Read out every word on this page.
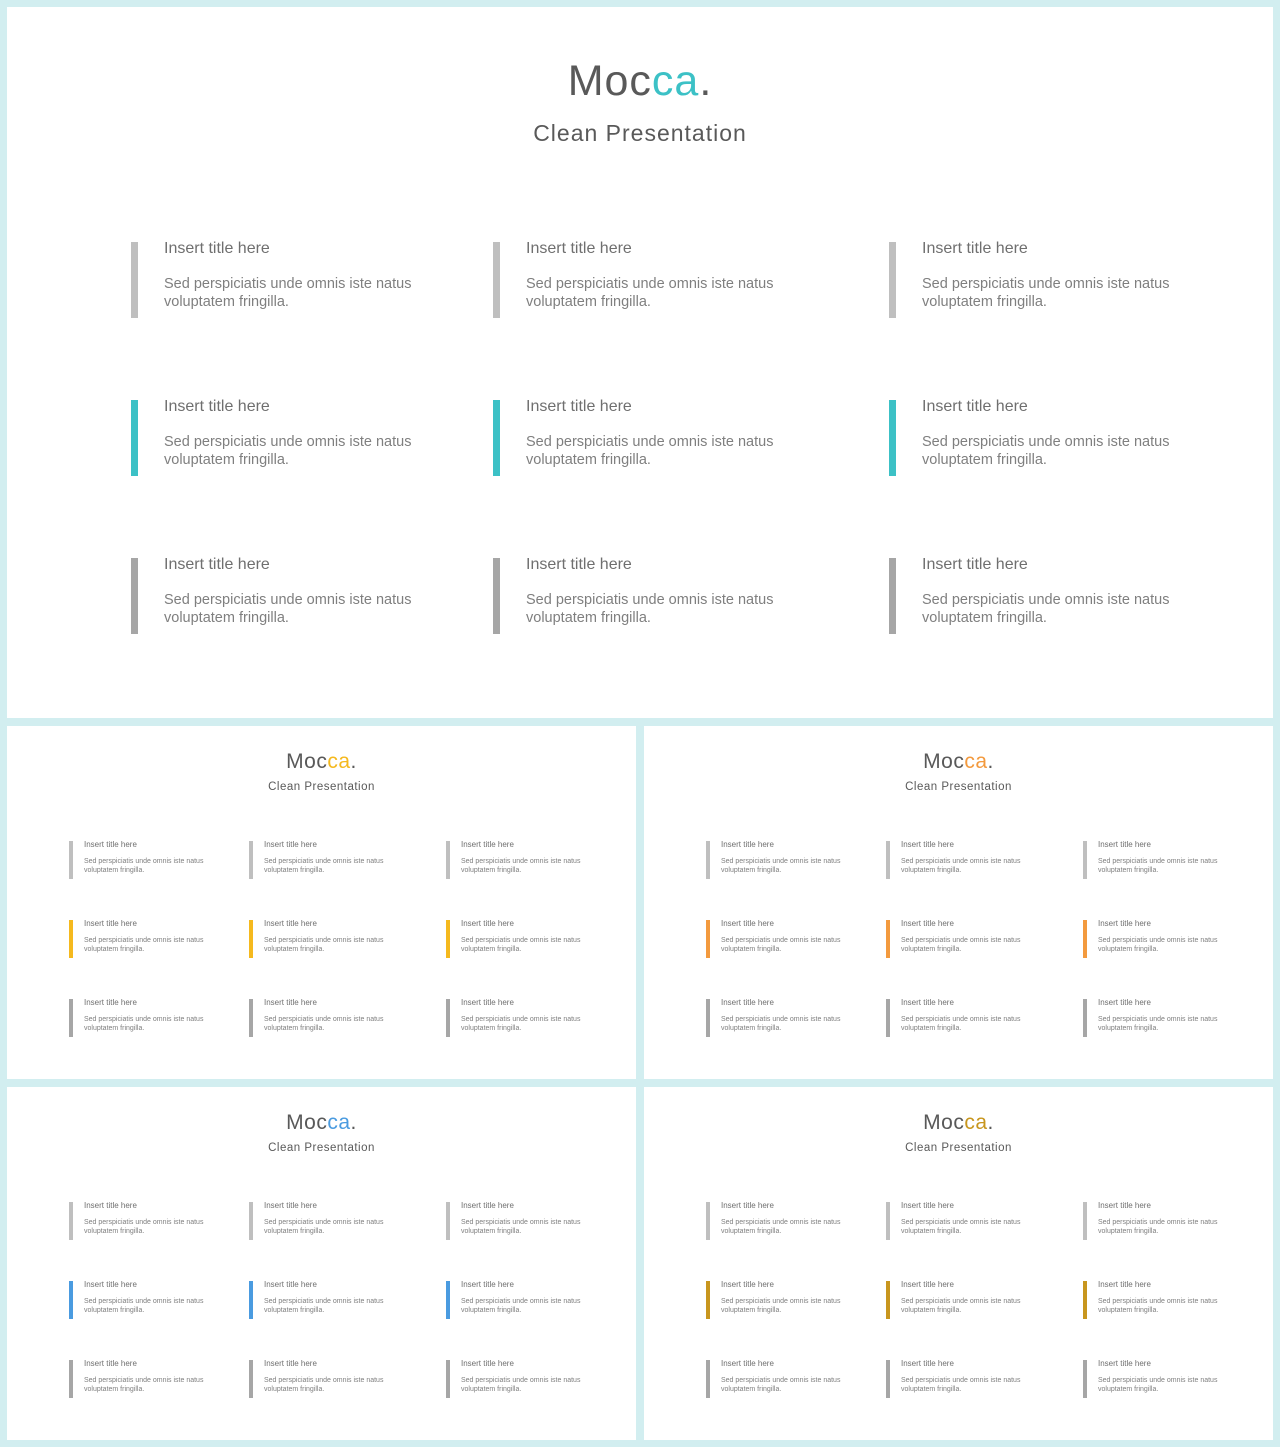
Mocca.
Clean Presentation
Insert title here
Sed perspiciatis unde omnis iste natus voluptatem fringilla.
Insert title here
Sed perspiciatis unde omnis iste natus voluptatem fringilla.
Insert title here
Sed perspiciatis unde omnis iste natus voluptatem fringilla.
Insert title here
Sed perspiciatis unde omnis iste natus voluptatem fringilla.
Insert title here
Sed perspiciatis unde omnis iste natus voluptatem fringilla.
Insert title here
Sed perspiciatis unde omnis iste natus voluptatem fringilla.
Insert title here
Sed perspiciatis unde omnis iste natus voluptatem fringilla.
Insert title here
Sed perspiciatis unde omnis iste natus voluptatem fringilla.
Insert title here
Sed perspiciatis unde omnis iste natus voluptatem fringilla.
Mocca.
Clean Presentation
Insert title here
Sed perspiciatis unde omnis iste natus voluptatem fringilla.
Insert title here
Sed perspiciatis unde omnis iste natus voluptatem fringilla.
Insert title here
Sed perspiciatis unde omnis iste natus voluptatem fringilla.
Insert title here
Sed perspiciatis unde omnis iste natus voluptatem fringilla.
Insert title here
Sed perspiciatis unde omnis iste natus voluptatem fringilla.
Insert title here
Sed perspiciatis unde omnis iste natus voluptatem fringilla.
Insert title here
Sed perspiciatis unde omnis iste natus voluptatem fringilla.
Insert title here
Sed perspiciatis unde omnis iste natus voluptatem fringilla.
Insert title here
Sed perspiciatis unde omnis iste natus voluptatem fringilla.
Mocca.
Clean Presentation
Insert title here
Sed perspiciatis unde omnis iste natus voluptatem fringilla.
Insert title here
Sed perspiciatis unde omnis iste natus voluptatem fringilla.
Insert title here
Sed perspiciatis unde omnis iste natus voluptatem fringilla.
Insert title here
Sed perspiciatis unde omnis iste natus voluptatem fringilla.
Insert title here
Sed perspiciatis unde omnis iste natus voluptatem fringilla.
Insert title here
Sed perspiciatis unde omnis iste natus voluptatem fringilla.
Insert title here
Sed perspiciatis unde omnis iste natus voluptatem fringilla.
Insert title here
Sed perspiciatis unde omnis iste natus voluptatem fringilla.
Insert title here
Sed perspiciatis unde omnis iste natus voluptatem fringilla.
Mocca.
Clean Presentation
Insert title here
Sed perspiciatis unde omnis iste natus voluptatem fringilla.
Insert title here
Sed perspiciatis unde omnis iste natus voluptatem fringilla.
Insert title here
Sed perspiciatis unde omnis iste natus voluptatem fringilla.
Insert title here
Sed perspiciatis unde omnis iste natus voluptatem fringilla.
Insert title here
Sed perspiciatis unde omnis iste natus voluptatem fringilla.
Insert title here
Sed perspiciatis unde omnis iste natus voluptatem fringilla.
Insert title here
Sed perspiciatis unde omnis iste natus voluptatem fringilla.
Insert title here
Sed perspiciatis unde omnis iste natus voluptatem fringilla.
Insert title here
Sed perspiciatis unde omnis iste natus voluptatem fringilla.
Mocca.
Clean Presentation
Insert title here
Sed perspiciatis unde omnis iste natus voluptatem fringilla.
Insert title here
Sed perspiciatis unde omnis iste natus voluptatem fringilla.
Insert title here
Sed perspiciatis unde omnis iste natus voluptatem fringilla.
Insert title here
Sed perspiciatis unde omnis iste natus voluptatem fringilla.
Insert title here
Sed perspiciatis unde omnis iste natus voluptatem fringilla.
Insert title here
Sed perspiciatis unde omnis iste natus voluptatem fringilla.
Insert title here
Sed perspiciatis unde omnis iste natus voluptatem fringilla.
Insert title here
Sed perspiciatis unde omnis iste natus voluptatem fringilla.
Insert title here
Sed perspiciatis unde omnis iste natus voluptatem fringilla.
